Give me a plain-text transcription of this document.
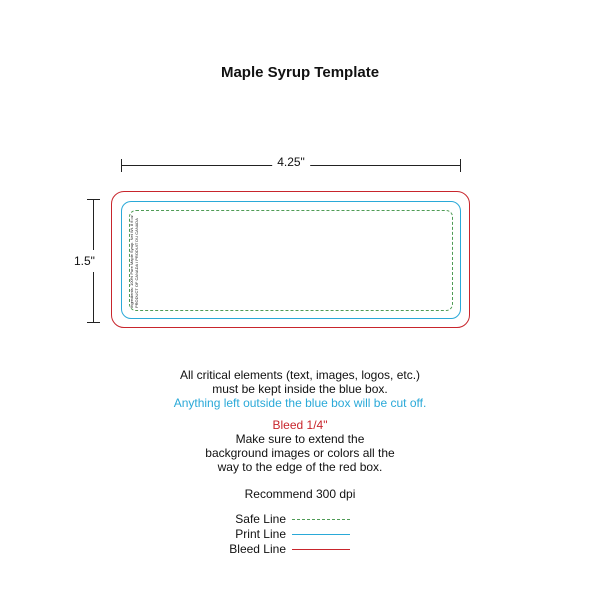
Maple Syrup Template
4.25"
1.5"	Ingredients: 100% Pure Maple Syrup. Net Wt. 8 fl oz PRODUCT OF CANADA / PRODUIT DU CANADA
All critical elements (text, images, logos, etc.)
must be kept inside the blue box.
Anything left outside the blue box will be cut off.
Bleed 1/4"
Make sure to extend the
background images or colors all the
way to the edge of the red box.
Recommend 300 dpi
Safe Line
Print Line
Bleed Line
